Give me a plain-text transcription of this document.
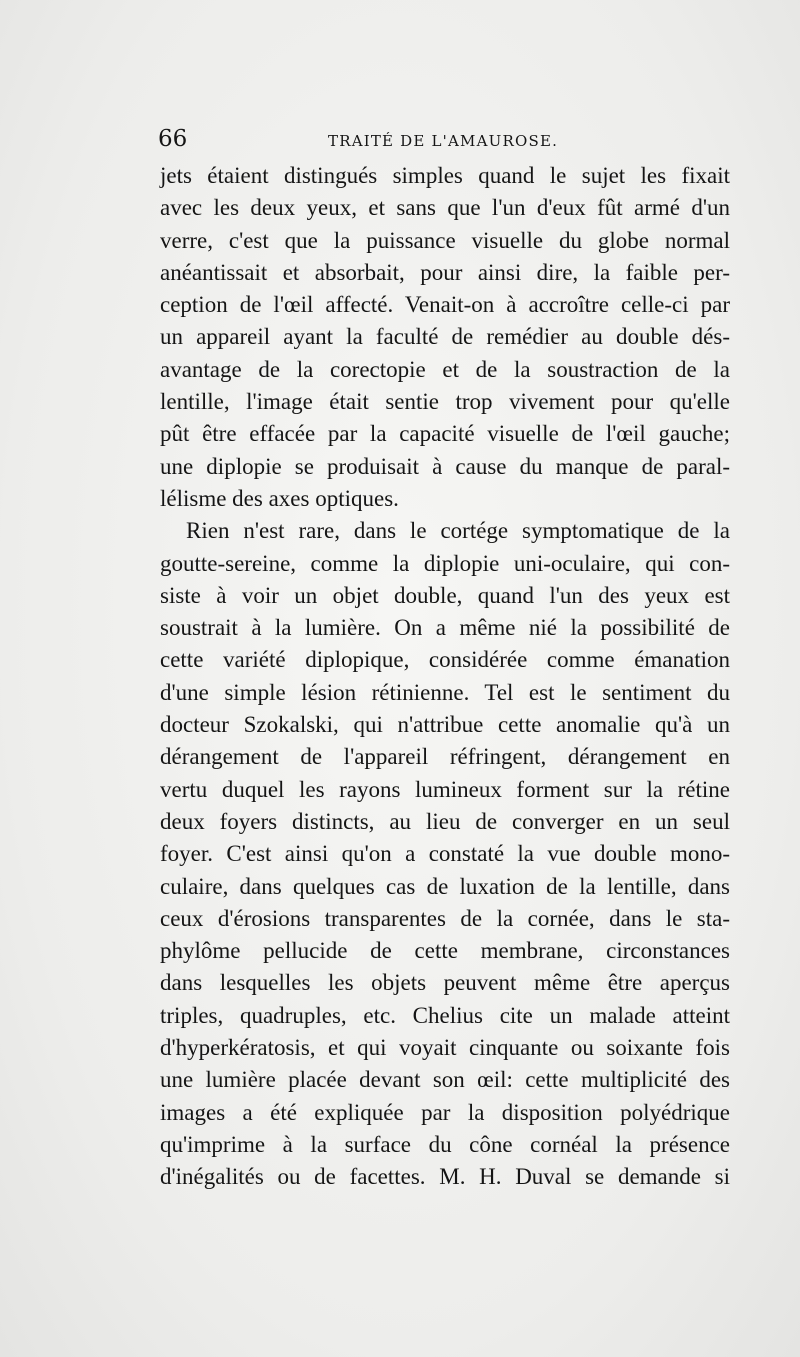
66	TRAITÉ DE L'AMAUROSE.

jets étaient distingués simples quand le sujet les fixait
avec les deux yeux, et sans que l'un d'eux fût armé d'un
verre, c'est que la puissance visuelle du globe normal
anéantissait et absorbait, pour ainsi dire, la faible per-
ception de l'œil affecté. Venait-on à accroître celle-ci par
un appareil ayant la faculté de remédier au double dés-
avantage de la corectopie et de la soustraction de la
lentille, l'image était sentie trop vivement pour qu'elle
pût être effacée par la capacité visuelle de l'œil gauche;
une diplopie se produisait à cause du manque de paral-
lélisme des axes optiques.

Rien n'est rare, dans le cortége symptomatique de la
goutte-sereine, comme la diplopie uni-oculaire, qui con-
siste à voir un objet double, quand l'un des yeux est
soustrait à la lumière. On a même nié la possibilité de
cette variété diplopique, considérée comme émanation
d'une simple lésion rétinienne. Tel est le sentiment du
docteur Szokalski, qui n'attribue cette anomalie qu'à un
dérangement de l'appareil réfringent, dérangement en
vertu duquel les rayons lumineux forment sur la rétine
deux foyers distincts, au lieu de converger en un seul
foyer. C'est ainsi qu'on a constaté la vue double mono-
culaire, dans quelques cas de luxation de la lentille, dans
ceux d'érosions transparentes de la cornée, dans le sta-
phylôme pellucide de cette membrane, circonstances
dans lesquelles les objets peuvent même être aperçus
triples, quadruples, etc. Chelius cite un malade atteint
d'hyperkératosis, et qui voyait cinquante ou soixante fois
une lumière placée devant son œil: cette multiplicité des
images a été expliquée par la disposition polyédrique
qu'imprime à la surface du cône cornéal la présence
d'inégalités ou de facettes. M. H. Duval se demande si
